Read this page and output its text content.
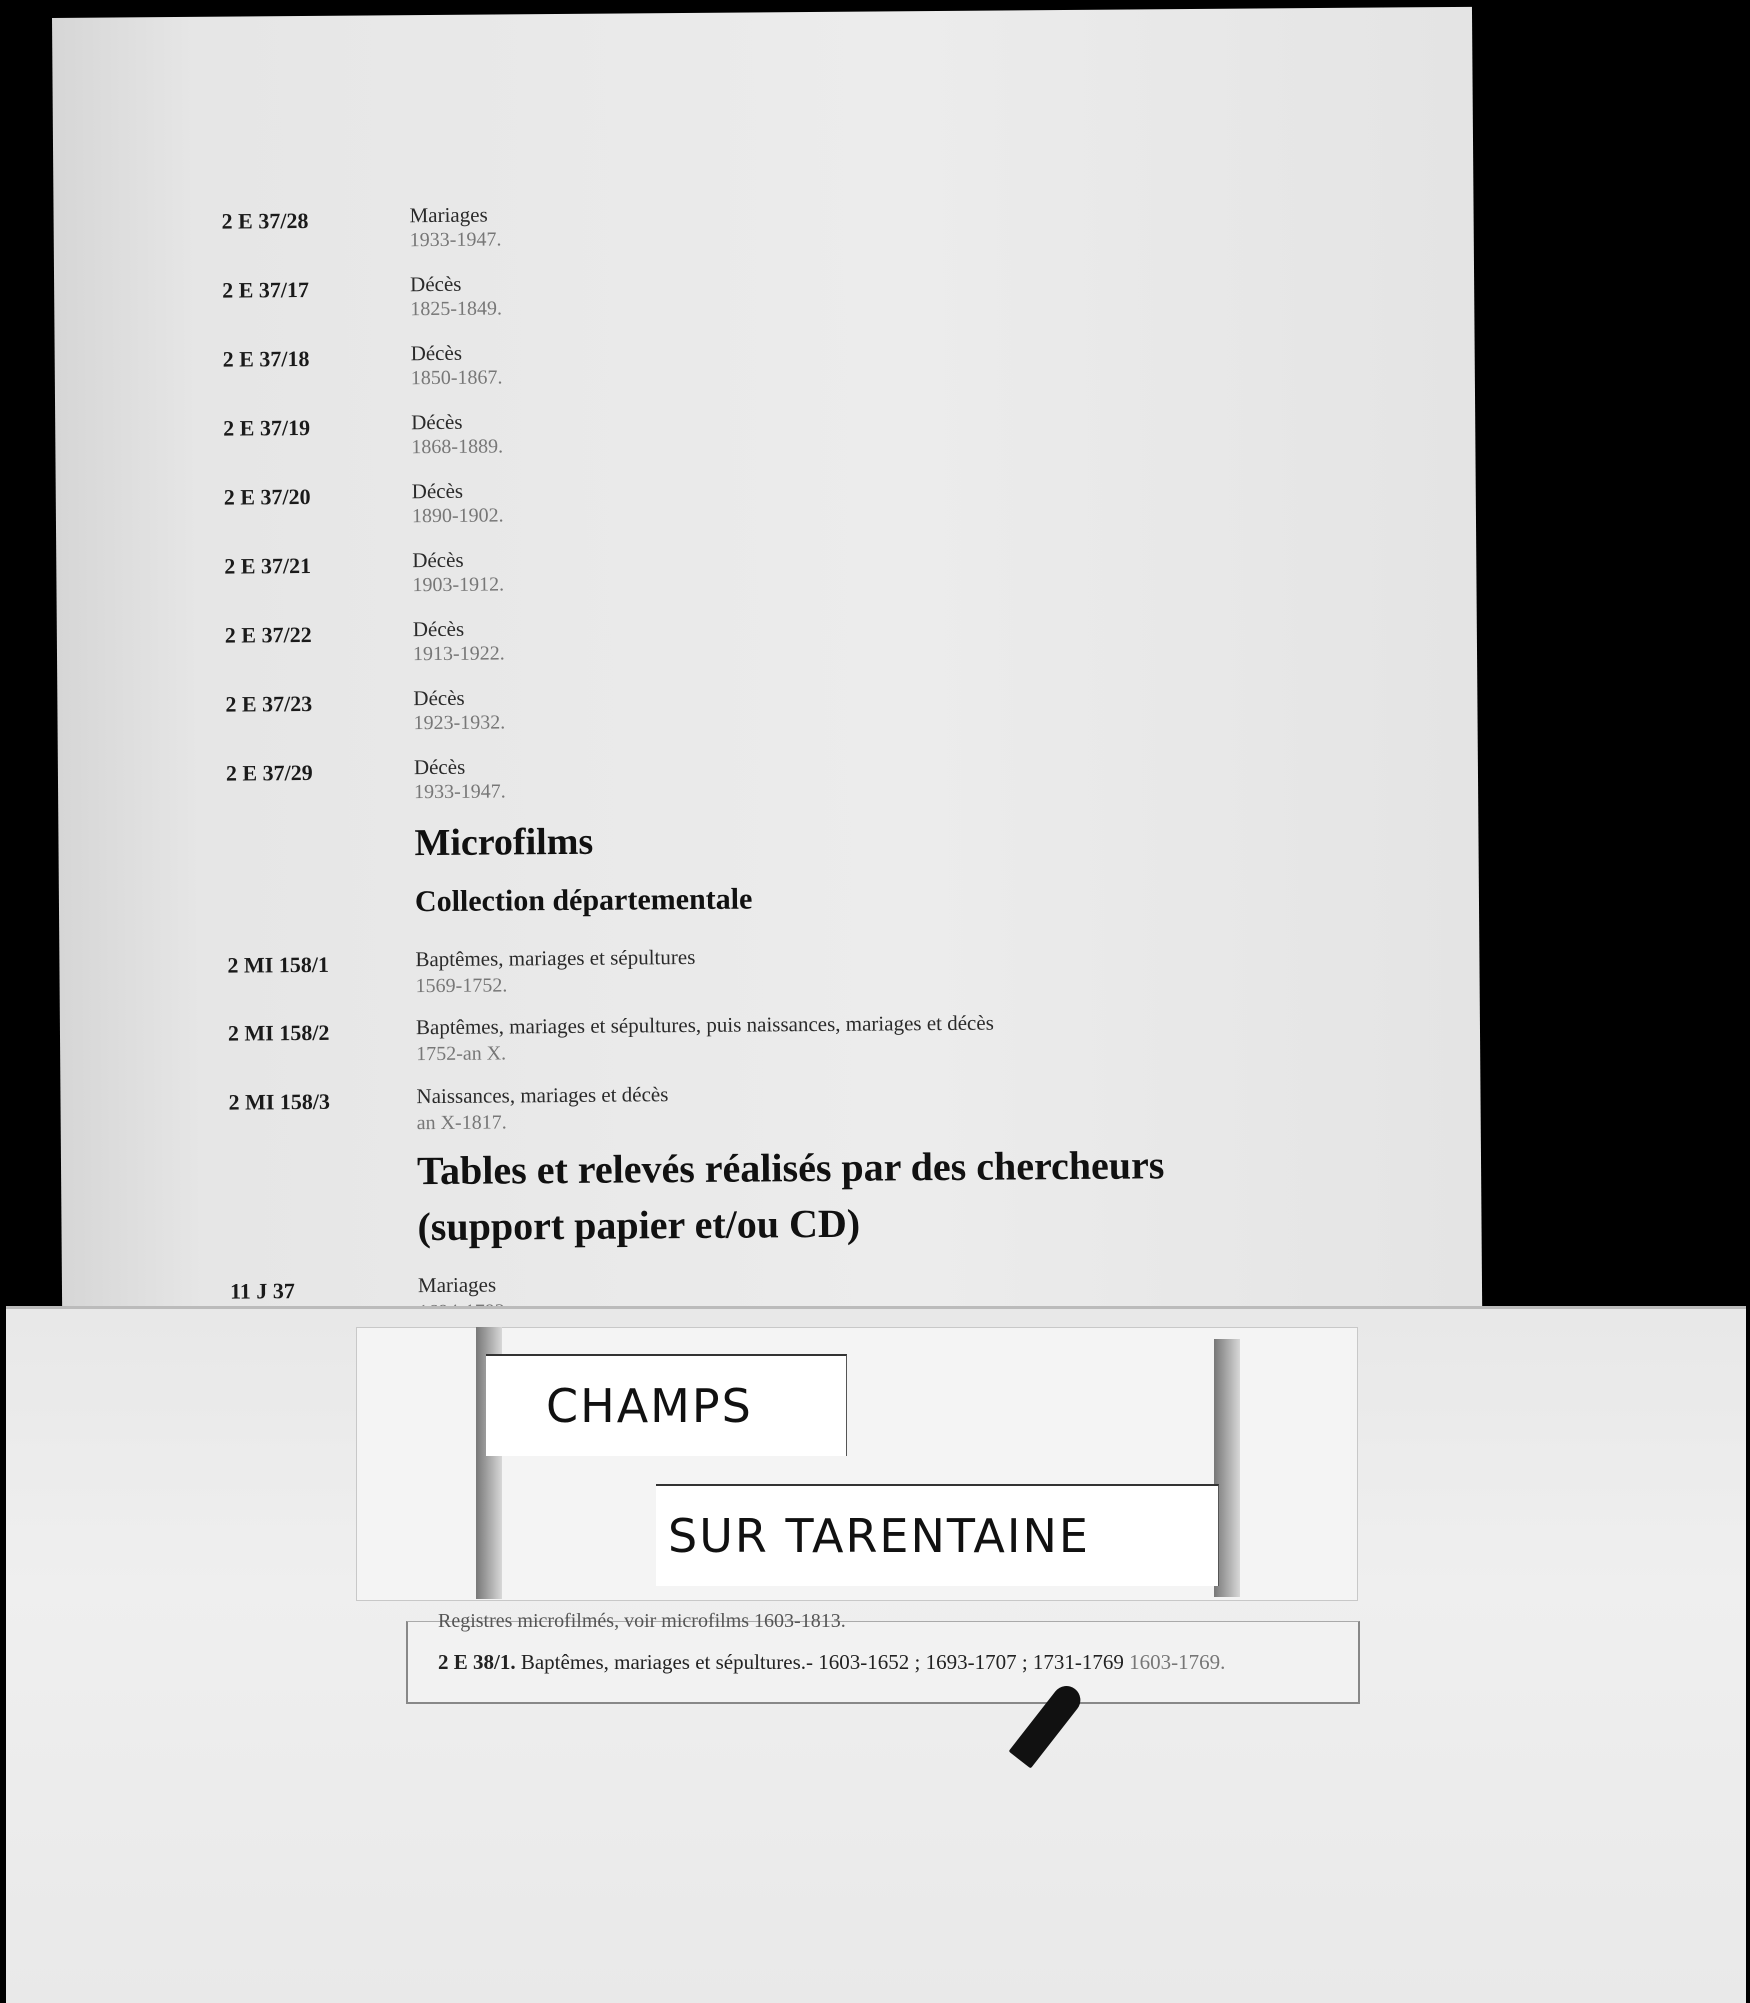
2 E 37/28	Mariages
1933-1947.
2 E 37/17	Décès
1825-1849.
2 E 37/18	Décès
1850-1867.
2 E 37/19	Décès
1868-1889.
2 E 37/20	Décès
1890-1902.
2 E 37/21	Décès
1903-1912.
2 E 37/22	Décès
1913-1922.
2 E 37/23	Décès
1923-1932.
2 E 37/29	Décès
1933-1947.
Microfilms
Collection départementale
2 MI 158/1	Baptêmes, mariages et sépultures
1569-1752.
2 MI 158/2	Baptêmes, mariages et sépultures, puis naissances, mariages et décès
1752-an X.
2 MI 158/3	Naissances, mariages et décès
an X-1817.
Tables et relevés réalisés par des chercheurs
(support papier et/ou CD)
11 J 37	Mariages
CHAMPS
SUR TARENTAINE
Registres microfilmés, voir microfilms 1603-1813.
2 E 38/1. Baptêmes, mariages et sépultures.- 1603-1652 ; 1693-1707 ; 1731-1769 1603-1769.
